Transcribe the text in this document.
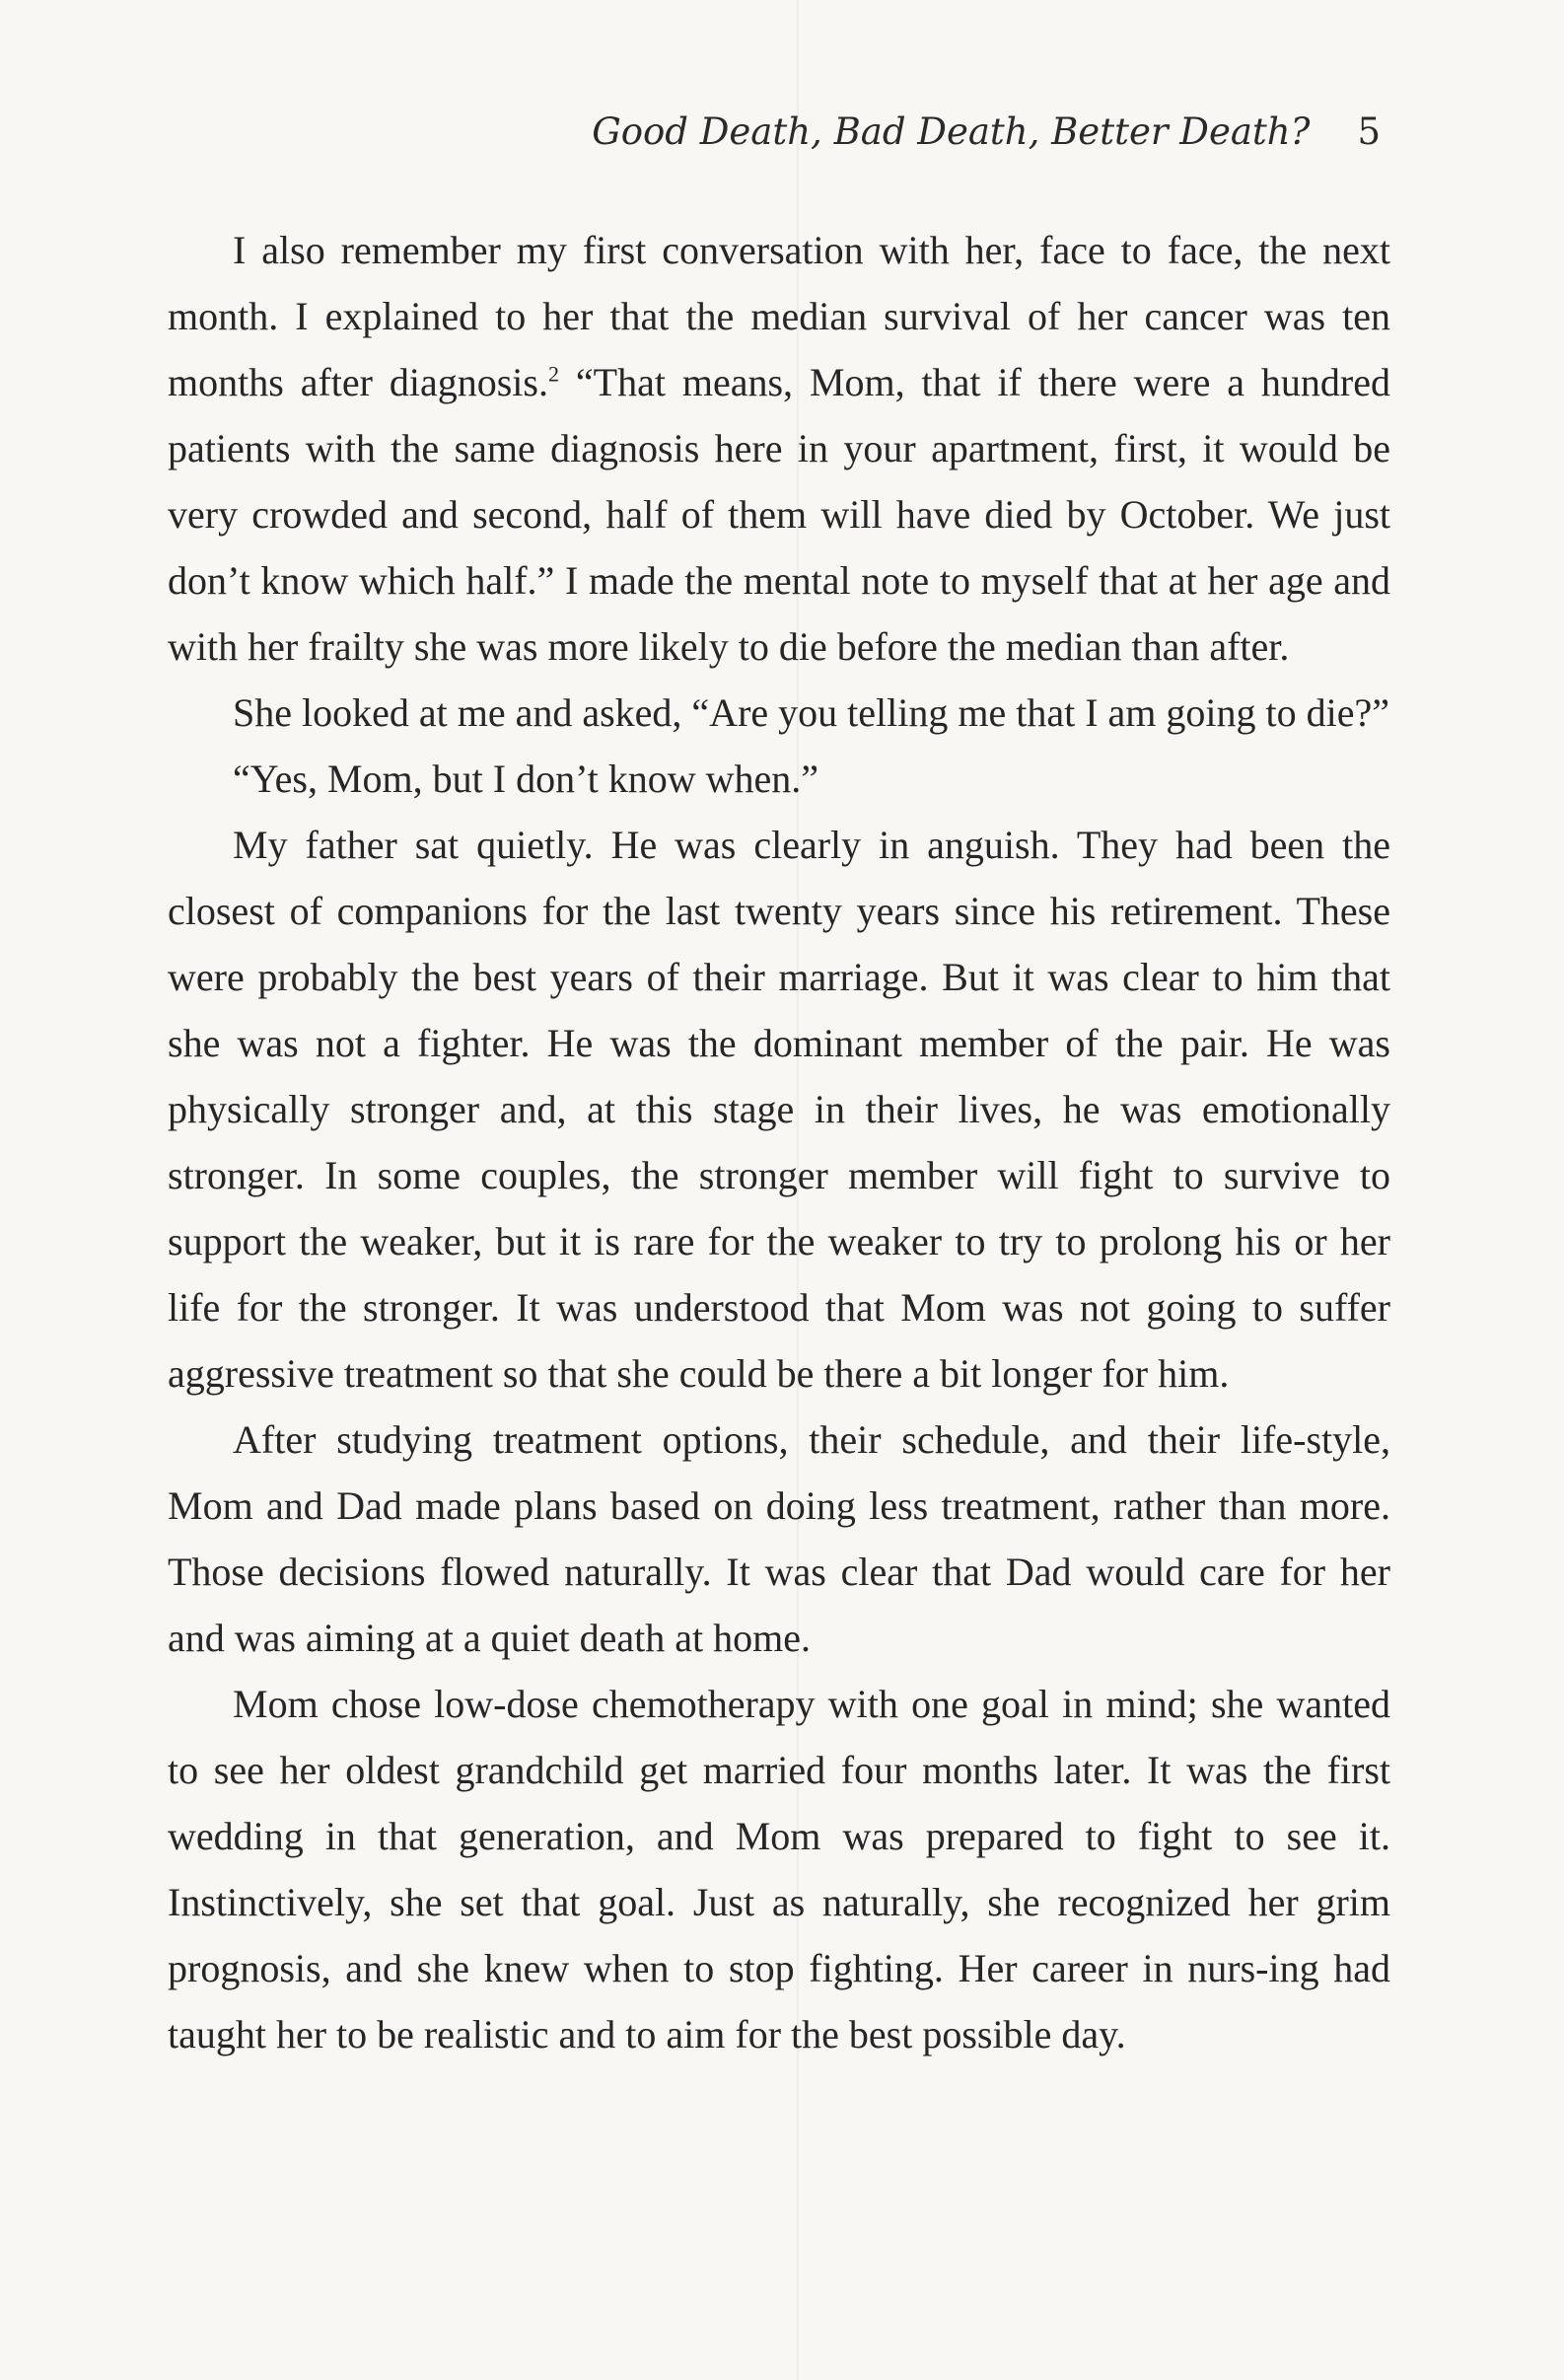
Good Death, Bad Death, Better Death? 5

I also remember my first conversation with her, face to face, the next month. I explained to her that the median survival of her cancer was ten months after diagnosis.$^2$ “That means, Mom, that if there were a hundred patients with the same diagnosis here in your apartment, first, it would be very crowded and second, half of them will have died by October. We just don’t know which half.” I made the mental note to myself that at her age and with her frailty she was more likely to die before the median than after.

She looked at me and asked, “Are you telling me that I am going to die?”

“Yes, Mom, but I don’t know when.”

My father sat quietly. He was clearly in anguish. They had been the closest of companions for the last twenty years since his retirement. These were probably the best years of their marriage. But it was clear to him that she was not a fighter. He was the dominant member of the pair. He was physically stronger and, at this stage in their lives, he was emotionally stronger. In some couples, the stronger member will fight to survive to support the weaker, but it is rare for the weaker to try to prolong his or her life for the stronger. It was understood that Mom was not going to suffer aggressive treatment so that she could be there a bit longer for him.

After studying treatment options, their schedule, and their life-style, Mom and Dad made plans based on doing less treatment, rather than more. Those decisions flowed naturally. It was clear that Dad would care for her and was aiming at a quiet death at home.

Mom chose low-dose chemotherapy with one goal in mind; she wanted to see her oldest grandchild get married four months later. It was the first wedding in that generation, and Mom was prepared to fight to see it. Instinctively, she set that goal. Just as naturally, she recognized her grim prognosis, and she knew when to stop fighting. Her career in nurs-ing had taught her to be realistic and to aim for the best possible day.
